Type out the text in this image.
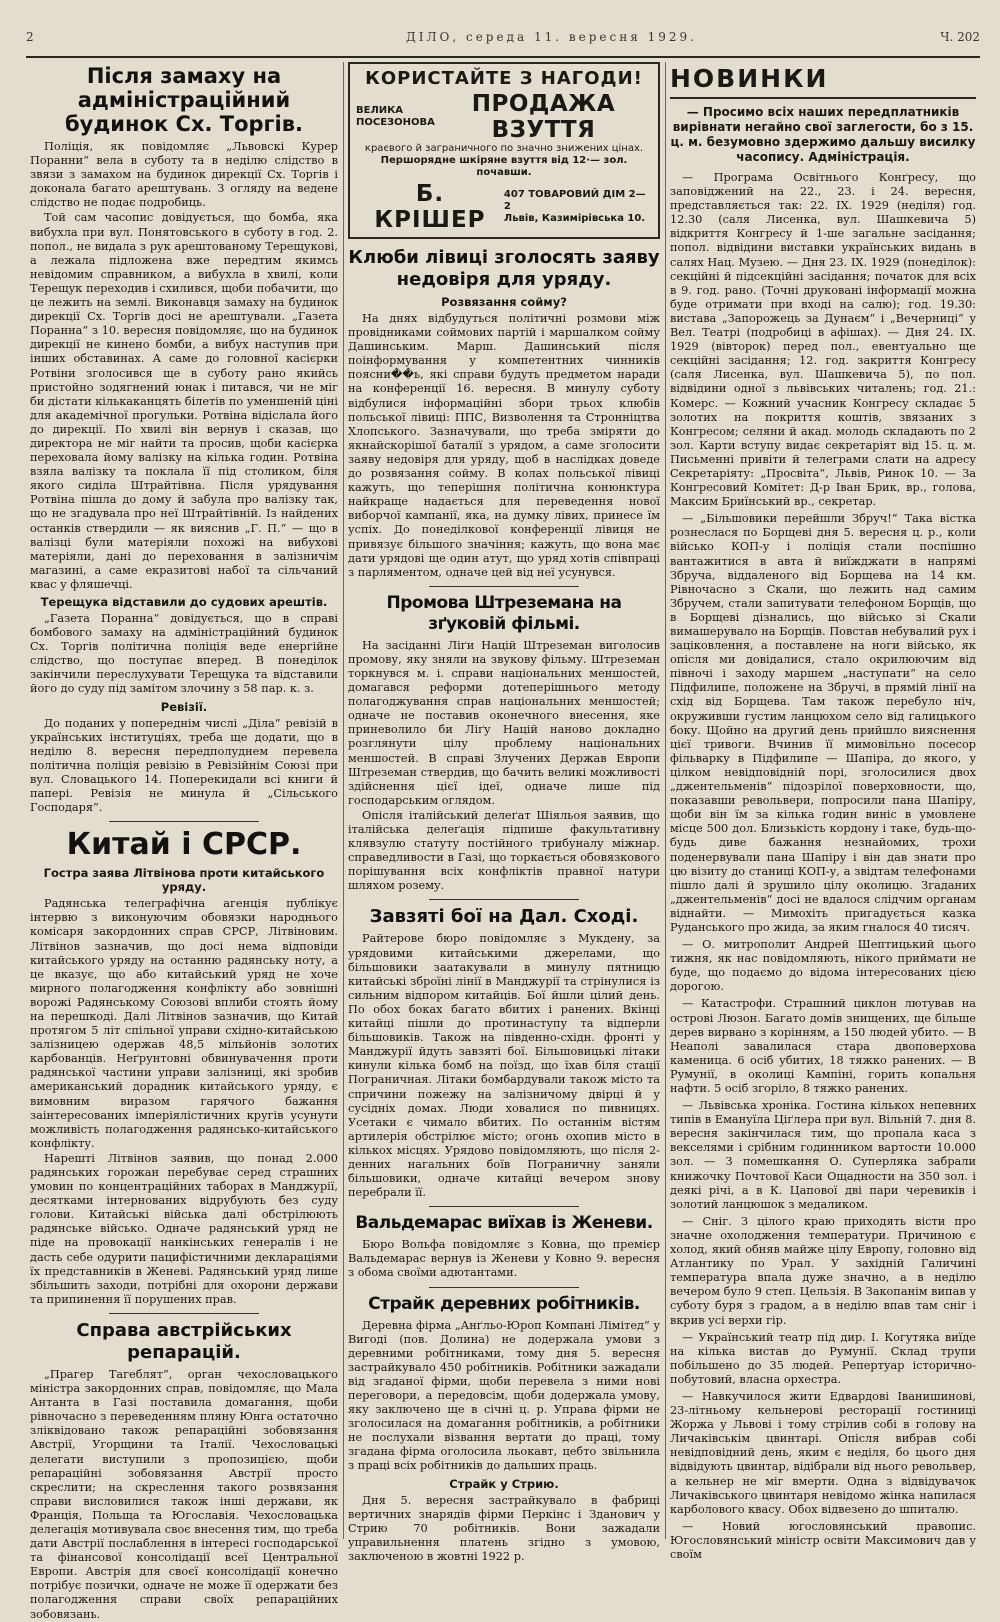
2	ДІЛО, середа 11. вересня 1929.	Ч. 202
Після замаху на адміністраційний будинок Сх. Торгів.

Поліція, як повідомляє „Львовскі Курер Поранни“ вела в суботу та в неділю слідство в звязи з замахом на будинок дирекції Сх. Торгів і доконала багато арештувань. З огляду на ведене слідство не подає подробиць.

Той сам часопис довідується, що бомба, яка вибухла при вул. Понятовського в суботу в год. 2. попол., не видала з рук арештованому Терещукові, а лежала підложена вже передтим якимсь невідомим справником, а вибухла в хвилі, коли Терещук переходив і схилився, щоби побачити, що це лежить на землі. Виконавця замаху на будинок дирекції Сх. Торгів досі не арештували. „Газета Поранна“ з 10. вересня повідомляє, що на будинок дирекції не кинено бомби, а вибух наступив при інших обставинах. А саме до головної касієрки Ротвіни зголосився ще в суботу рано якийсь пристойно зодягнений юнак і питався, чи не міг би дістати кількаканцять білетів по уменшеній ціні для академічної прогульки. Ротвіна відіслала його до дирекції. По хвилі він вернув і сказав, що директора не міг найти та просив, щоби касієрка переховала йому валізку на кілька годин. Ротвіна взяла валізку та поклала її під столиком, біля якого сиділа Штрайтівна. Після урядування Ротвіна пішла до дому й забула про валізку так, що не згадувала про неї Штрайтівній. Із найдених останків ствердили — як вияснив „Г. П.“ — що в валізці були матеріяли похожі на вибухові матеріяли, дані до переховання в залізничім магазині, а саме екразитові набої та сільчаний квас у фляшечці.

Терещука відставили до судових арештів.

„Газета Поранна“ довідується, що в справі бомбового замаху на адміністраційний будинок Сх. Торгів політична поліція веде енергійне слідство, що поступає вперед. В понеділок закінчили переслухувати Терещука та відставили його до суду під замітом злочину з 58 пар. к. з.

Ревізії.

До поданих у попереднім числі „Діла“ ревізій в українських інституціях, треба ще додати, що в неділю 8. вересня передполуднем перевела політична поліція ревізію в Ревізійнім Союзі при вул. Словацького 14. Поперекидали всі книги й папері. Ревізія не минула й „Сільського Господаря“.

Китай і СРСР.
Гостра заява Літвінова проти китайського уряду.

Радянська телеграфічна агенція публікує інтервю з виконуючим обовязки народнього комісаря закордонних справ СРСР, Літвіновим. Літвінов зазначив, що досі нема відповіди китайського уряду на останню радянську ноту, а це вказує, що або китайський уряд не хоче мирного полагодження конфлікту або зовнішні ворожі Радянському Союзові вплиби стоять йому на перешкоді. Далі Літвінов зазначив, що Китай протягом 5 літ спільної управи східно-китайською залізницею одержав 48,5 мільйонів золотих карбованців. Неґрунтовні обвинувачення проти радянської частини управи залізниці, які зробив американський дорадник китайського уряду, є вимовним виразом гарячого бажання заінтересованих імперіялістичних кругів усунути можливість полагодження радянсько-китайського конфлікту.

Нарешті Літвінов заявив, що понад 2.000 радянських горожан перебуває серед страшних умовин по концентраційних таборах в Манджурії, десятками інтернованих відрубують без суду голови. Китайські війська далі обстрілюють радянське військо. Одначе радянський уряд не піде на провокації нанкінських генералів і не дасть себе одурити пацифістичними деклараціями їх представників в Женеві. Радянський уряд лише збільшить заходи, потрібні для охорони держави та припинення її порушених прав.

Справа австрійських репарацій.

„Прагер Тагеблят“, орган чехословацького міністра закордонних справ, повідомляє, що Мала Антанта в Газі поставила домагання, щоби рівночасно з переведенням пляну Юнга остаточно зліквідовано також репараційні зобовязання Австрії, Угорщини та Італії. Чехословацькі делегати виступили з пропозицією, щоби репараційні зобовязання Австрії просто скреслити; на скреслення такого розвязання справи висловилися також інші держави, як Франція, Польща та Югославія. Чехословацька делегація мотивувала своє внесення тим, що треба дати Австрії послаблення в інтересі господарської та фінансової консолідації всеї Центральної Европи. Австрія для своєї консолідації конечно потрібує позички, одначе не може її одержати без полагодження справи своїх репараційних зобовязань.

КОРИСТАЙТЕ З НАГОДИ!
ВЕЛИКА
ПОСЕЗОНОВА
ПРОДАЖА ВЗУТТЯ
краєвого й заграничного по значно знижених цінах.
Першорядне шкіряне взуття від 12·— зол. почавши.
Б. КРІШЕР
407 ТОВАРОВИЙ ДІМ 2—2
Львів, Казимірівська 10.
Клюби лівиці зголосять заяву недовіря для уряду.
Розвязання сойму?

На днях відбудуться політичні розмови між провідниками соймових партій і маршалком сойму Дашинським. Марш. Дашинський після поінформування у компетентних чинників поясни��ь, які справи будуть предметом наради на конференції 16. вересня. В минулу суботу відбулися інформаційні збори трьох клюбів польської лівиці: ППС, Визволення та Стронніцтва Хлопського. Зазначували, що треба зміряти до якнайскорішої баталії з урядом, а саме зголосити заяву недовіря для уряду, щоб в наслідках доведе до розвязання сойму. В колах польської лівиці кажуть, що теперішня політична конюнктура найкраще надається для переведення нової виборчої кампанії, яка, на думку лівих, принесе їм успіх. До понеділкової конференції лівиця не привязує більшого значіння; кажуть, що вона має дати урядові ще один атут, що уряд хотів співпраці з парляментом, одначе цей від неї усунувся.

Промова Штреземана на зґуковій фільмі.

На засіданні Ліґи Націй Штреземан виголосив промову, яку зняли на звукову фільму. Штреземан торкнувся м. і. справи національних меншостей, домагався реформи дотеперішнього методу полагоджування справ національних меншостей; одначе не поставив оконечного внесення, яке приневолило би Ліґу Націй наново докладно розглянути цілу проблему національних меншостей. В справі Злучених Держав Европи Штреземан ствердив, що бачить великі можливості здійснення цієї ідеї, одначе лише під господарським оглядом.

Опісля італійський делеґат Шіяльоя заявив, що італійська делеґація підпише факультативну клявзулю статуту постійного трибуналу міжнар. справедливости в Газі, що торкається обовязкового порішування всіх конфліктів правної натури шляхом розему.

Завзяті бої на Дал. Сході.

Райтерове бюро повідомляє з Мукдену, за урядовими китайськими джерелами, що більшовики заатакували в минулу пятницю китайські зброїні лінії в Манджурії та стрінулися із сильним відпором китайців. Бої йшли цілий день. По обох боках багато вбитих і ранених. Вкінці китайці пішли до протинаступу та відперли більшовиків. Також на південно-східн. фронті у Манджурії йдуть завзяті бої. Більшовицькі літаки кинули кілька бомб на поїзд, що їхав біля стації Пограничная. Літаки бомбардували також місто та спричини пожежу на залізничому двірці й у сусідніх домах. Люди ховалися по пивницях. Усетаки є чимало вбитих. По останнім вістям артилерія обстрілює місто; огонь охопив місто в кількох місцях. Урядово повідомляють, що після 2-денних нагальних боїв Пограничну заняли більшовики, одначе китайці вечером знову перебрали її.

Вальдемарас виїхав із Женеви.

Бюро Вольфа повідомляє з Ковна, що премієр Вальдемарас вернув із Женеви у Ковно 9. вересня з обома своїми адютантами.

Страйк деревних робітників.

Деревна фірма „Анґльо-Юроп Компані Лімітед“ у Вигоді (пов. Долина) не додержала умови з деревними робітниками, тому дня 5. вересня застрайкувало 450 робітників. Робітники зажадали від згаданої фірми, щоби перевела з ними нові переговори, а передовсім, щоби додержала умову, яку заключено ще в січні ц. р. Управа фірми не зголосилася на домагання робітників, а робітники не послухали візвання вертати до праці, тому згадана фірма оголосила льокавт, цебто звільнила з праці всіх робітників до дальших праць.

Страйк у Стрию.

Дня 5. вересня застрайкувало в фабриці вертичних знарядів фірми Перкінс і Зданович у Стрию 70 робітників. Вони зажадали управильнення платень згідно з умовою, заключеною в жовтні 1922 р.

НОВИНКИ
— Просимо всіх наших передплатників вирівнати негайно свої заглегости, бо з 15. ц. м. безумовно здержимо дальшу висилку часопису. Адміністрація.

— Програма Освітнього Конґресу, що заповіджений на 22., 23. і 24. вересня, представляється так: 22. IX. 1929 (неділя) год. 12.30 (саля Лисенка, вул. Шашкевича 5) відкриття Конгресу й 1-ше загальне засідання; попол. відвідини виставки українських видань в салях Нац. Музею. — Дня 23. IX. 1929 (понеділок): секційні й підсекційні засідання; початок для всіх в 9. год. рано. (Точні друковані інформації можна буде отримати при вході на салю); год. 19.30: вистава „Запорожець за Дунаєм“ і „Вечерниці“ у Вел. Театрі (подробиці в афішах). — Дня 24. IX. 1929 (вівторок) перед пол., евентуально ще секційні засідання; 12. год. закриття Конгресу (саля Лисенка, вул. Шашкевича 5), по пол. відвідини одної з львівських читалень; год. 21.: Комерс. — Кожний учасник Конгресу складає 5 золотих на покриття коштів, звязаних з Конгресом; селяни й акад. молодь складають по 2 зол. Карти вступу видає секретаріят від 15. ц. м. Письменні привіти й телеграми слати на адресу Секретаріяту: „Просвіта“, Львів, Ринок 10. — За Конгресовий Комітет: Д-р Іван Брик, вр., голова, Максим Бриїнський вр., секретар.

— „Більшовики перейшли Збруч!“ Така вістка рознеслася по Борщеві дня 5. вересня ц. р., коли військо КОП-у і поліція стали поспішно вантажитися в авта й виїжджати в напрямі Збруча, віддаленого від Борщева на 14 км. Рівночасно з Скали, що лежить над самим Збручем, стали запитувати телефоном Борщів, що в Борщеві дізнались, що військо зі Скали вимашерувало на Борщів. Повстав небувалий рух і заціковлення, а поставлене на ноги військо, як опісля ми довідалися, стало окрилюючим від півночі і заходу маршем „наступати“ на село Підфилипе, положене на Збручі, в прямій лінії на схід від Борщева. Там також перебуло ніч, окруживши густим ланцюхом село від галицького боку. Щойно на другий день прийшло вияснення цієї тривоги. Вчинив її мимовільно посесор фільварку в Підфилипе — Шапіра, до якого, у цілком невідповідній порі, зголосилися двох „джентельменів“ підозрілої поверховности, що, показавши револьвери, попросили пана Шапіру, щоби він їм за кілька годин виніс в умовлене місце 500 дол. Близькість кордону і таке, будь-що-будь диве бажання незнайомих, трохи поденервували пана Шапіру і він дав знати про цю візиту до станиці КОП-у, а звідтам телефонами пішло далі й зрушило цілу околицю. Згаданих „джентельменів“ досі не вдалося слідчим органам віднайти. — Мимохіть пригадується казка Руданського про жида, за яким гналося 40 тисяч.

— О. митрополит Андрей Шептицький цього тижня, як нас повідомляють, нікого приймати не буде, що подаємо до відома інтересованих цією дорогою.

— Катастрофи. Страшний циклон лютував на острові Люзон. Багато домів знищених, ще більше дерев вирвано з корінням, а 150 людей убито. — В Неаполі завалилася стара двоповерхова каменица. 6 осіб убитих, 18 тяжко ранених. — В Румунії, в околиці Кампіні, горить копальня нафти. 5 осіб згоріло, 8 тяжко ранених.

— Львівська хроніка. Гостина кількох непевних типів в Емануїла Ціґлера при вул. Вільній 7. дня 8. вересня закінчилася тим, що пропала каса з векселями і срібним годинником вартости 10.000 зол. — З помешкання О. Суперляка забрали книжочку Почтової Каси Ощадности на 350 зол. і деякі річі, а в К. Цапової дві пари черевиків і золотий ланцюшок з медаликом.

— Сніг. З цілого краю приходять вісти про значне охолодження температури. Причиною є холод, який обняв майже цілу Европу, головно від Атлантику по Урал. У західній Галичині температура впала дуже значно, а в неділю вечером було 9 степ. Цельзія. В Закопанім випав у суботу буря з градом, а в неділю впав там сніг і вкрив усі верхи гір.

— Український театр під дир. І. Когутяка виїде на кілька вистав до Румунії. Склад трупи побільшено до 35 людей. Репертуар історично-побутовий, власна орхестра.

— Навкучилося жити Едвардові Іванишинові, 23-літньому кельнерові ресторації гостиниці Жоржа у Львові і тому стрілив собі в голову на Личаківськім цвинтарі. Опісля вибрав собі невідповідний день, яким є неділя, бо цього дня відвідують цвинтар, відібрали від нього револьвер, а кельнер не міг вмерти. Одна з відвідувачок Личаківського цвинтаря невідомо жінка напилася карболового квасу. Обох відвезено до шпиталю.

— Новий югословянський правопис. Югословянський міністр освіти Максимович дав у своїм
